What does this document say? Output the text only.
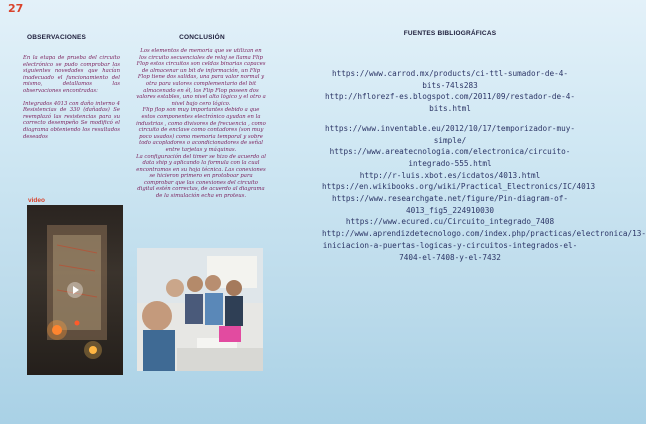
27
OBSERVACIONES

En la etapa de prueba del circuito electrónico se pudo comprobar las siguientes novedades que hacían inadecuado el funcionamiento del mismo, detallamos las observaciones encontradas:

Integrados 4013 con daño interno 4 Resistencias de 330 (dañadas) Se reemplazó las resistencias para su correcto desempeño Se modificó el diagrama obteniendo los resultados deseados

video
CONCLUSIÓN

Los elementos de memoria que se utilizan en los circuito secuenciales de reloj se llama Flip Flop estos circuitos son celdas binarias capaces de almacenar un bit de información, un Flip Flop tiene dos salidas, una para valor normal y otra para valores complementario del bit almacenado en él, los Flip Flop poseen dos valores estables, uno nivel alto lógico y el otro a nivel bajo cero lógico.

Flip flop son muy importantes debido a que estos componentes electrónico ayudan en la industrias , como divisores de frecuencia , como circuito de enclave como contadores (son muy poco usados) como memoria temporal y sobre todo acopladores o acondicionadores de señal entre tarjetas y máquinas.

La configuración del timer se hizo de acuerdo al data ship y aplicando la formula con la cual encontramos en su hoja técnica. Las conexiones se hicieron primero en protoboar para comprobar que las conexiones del circuito digital estén correctas, de acuerdo al diagrama de la simulación echa en proteus.

FUENTES BIBLIOGRÁFICAS

https://www.carrod.mx/products/ci-ttl-sumador-de-4-bits-74ls283

http://hflorezf-es.blogspot.com/2011/09/restador-de-4-bits.html

https://www.inventable.eu/2012/10/17/temporizador-muy-simple/

https://www.areatecnologia.com/electronica/circuito-integrado-555.html

http://r-luis.xbot.es/icdatos/4013.html

https://en.wikibooks.org/wiki/Practical_Electronics/IC/4013

https://www.researchgate.net/figure/Pin-diagram-of-4013_fig5_224910030

https://www.ecured.cu/Circuito_integrado_7408

http://www.aprendizdetecnologo.com/index.php/practicas/electronica/13-iniciacion-a-puertas-logicas-y-circuitos-integrados-el-7404-el-7408-y-el-7432
